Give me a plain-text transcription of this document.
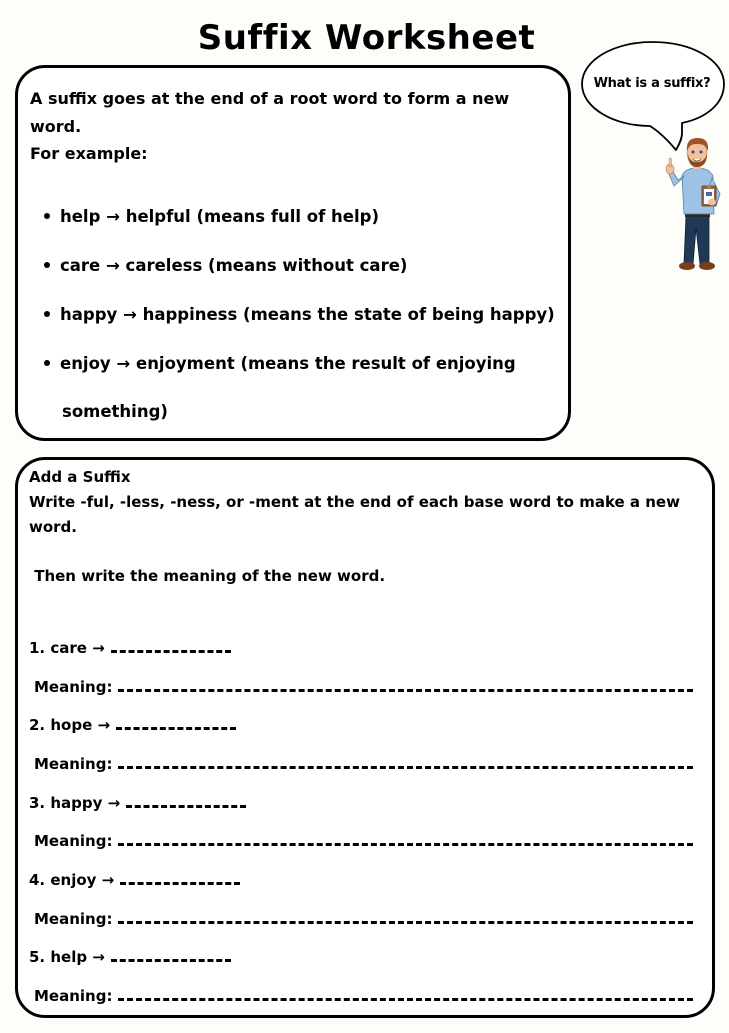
Suffix Worksheet
A suffix goes at the end of a root word to form a new
word.
For example:
help → helpful (means full of help)
care → careless (means without care)
happy → happiness (means the state of being happy)
enjoy → enjoyment (means the result of enjoying
something)
What is a suffix?
Add a Suffix
Write -ful, -less, -ness, or -ment at the end of each base word to make a new
word.
Then write the meaning of the new word.
1. care →
Meaning:
2. hope →
Meaning:
3. happy →
Meaning:
4. enjoy →
Meaning:
5. help →
Meaning:
